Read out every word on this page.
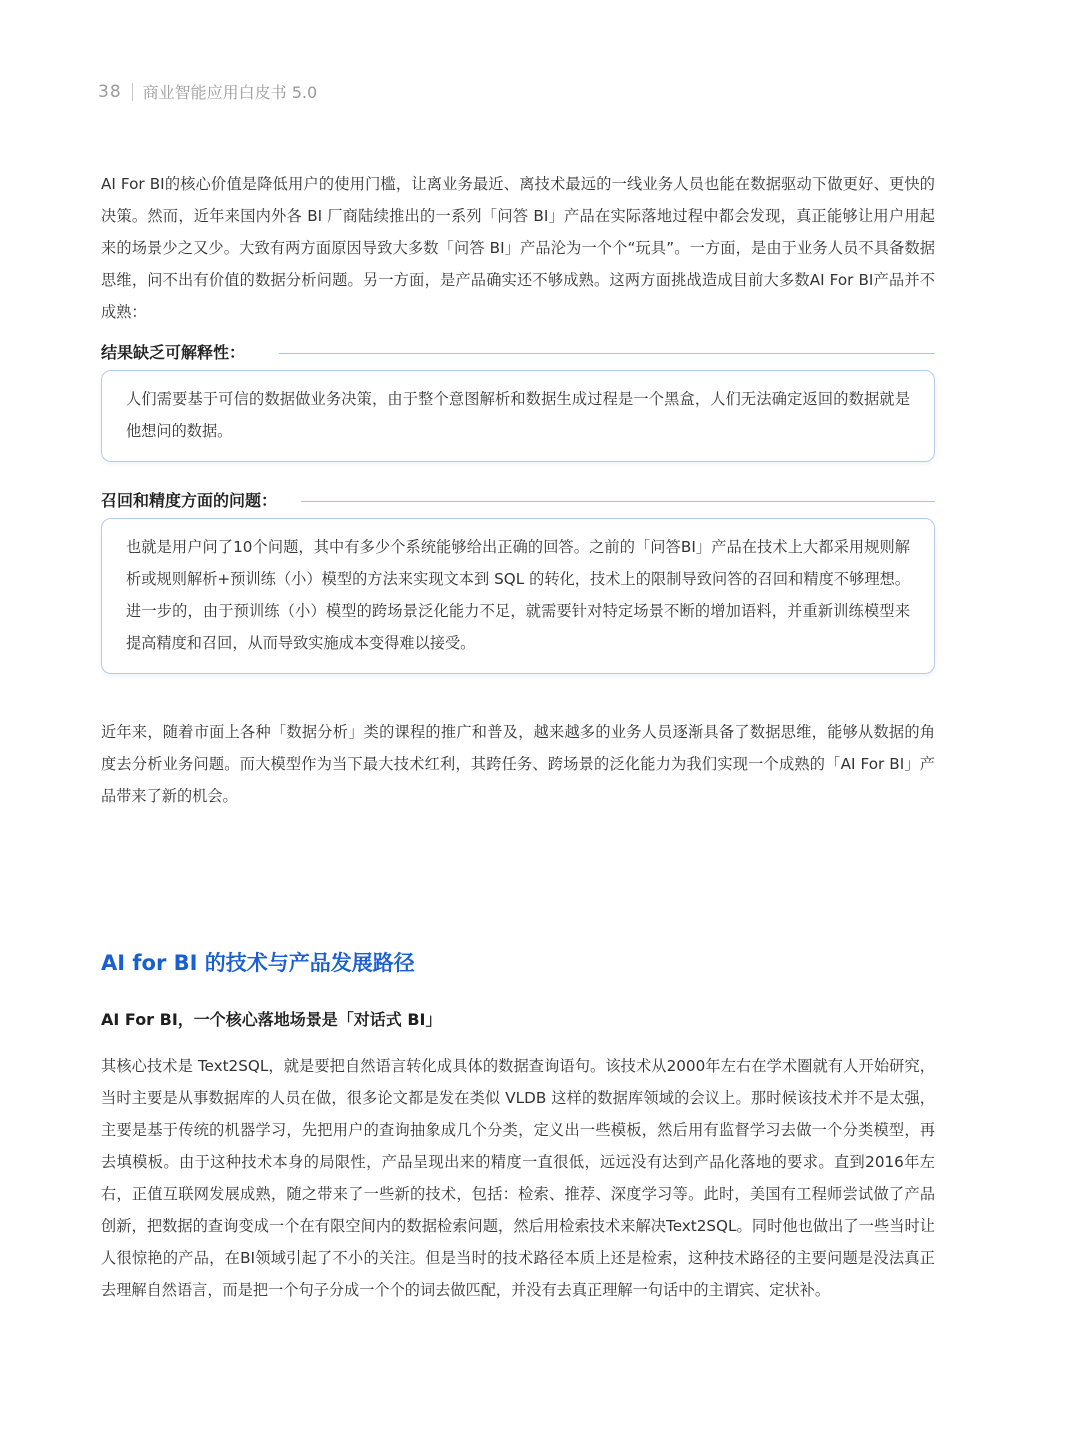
38 商业智能应用白皮书 5.0

AI For BI的核心价值是降低用户的使用门槛，让离业务最近、离技术最远的一线业务人员也能在数据驱动下做更好、更快的决策。然而，近年来国内外各 BI 厂商陆续推出的一系列「问答 BI」产品在实际落地过程中都会发现，真正能够让用户用起来的场景少之又少。大致有两方面原因导致大多数「问答 BI」产品沦为一个个“玩具”。一方面，是由于业务人员不具备数据思维，问不出有价值的数据分析问题。另一方面，是产品确实还不够成熟。这两方面挑战造成目前大多数AI For BI产品并不成熟：

结果缺乏可解释性：

人们需要基于可信的数据做业务决策，由于整个意图解析和数据生成过程是一个黑盒，人们无法确定返回的数据就是他想问的数据。

召回和精度方面的问题：

也就是用户问了10个问题，其中有多少个系统能够给出正确的回答。之前的「问答BI」产品在技术上大都采用规则解析或规则解析+预训练（小）模型的方法来实现文本到 SQL 的转化，技术上的限制导致问答的召回和精度不够理想。进一步的，由于预训练（小）模型的跨场景泛化能力不足，就需要针对特定场景不断的增加语料，并重新训练模型来提高精度和召回，从而导致实施成本变得难以接受。

近年来，随着市面上各种「数据分析」类的课程的推广和普及，越来越多的业务人员逐渐具备了数据思维，能够从数据的角度去分析业务问题。而大模型作为当下最大技术红利，其跨任务、跨场景的泛化能力为我们实现一个成熟的「AI For BI」产品带来了新的机会。

AI for BI 的技术与产品发展路径
AI For BI，一个核心落地场景是「对话式 BI」

其核心技术是 Text2SQL，就是要把自然语言转化成具体的数据查询语句。该技术从2000年左右在学术圈就有人开始研究，当时主要是从事数据库的人员在做，很多论文都是发在类似 VLDB 这样的数据库领域的会议上。那时候该技术并不是太强，主要是基于传统的机器学习，先把用户的查询抽象成几个分类，定义出一些模板，然后用有监督学习去做一个分类模型，再去填模板。由于这种技术本身的局限性，产品呈现出来的精度一直很低，远远没有达到产品化落地的要求。直到2016年左右，正值互联网发展成熟，随之带来了一些新的技术，包括：检索、推荐、深度学习等。此时，美国有工程师尝试做了产品创新，把数据的查询变成一个在有限空间内的数据检索问题，然后用检索技术来解决Text2SQL。同时他也做出了一些当时让人很惊艳的产品，在BI领域引起了不小的关注。但是当时的技术路径本质上还是检索，这种技术路径的主要问题是没法真正去理解自然语言，而是把一个句子分成一个个的词去做匹配，并没有去真正理解一句话中的主谓宾、定状补。
